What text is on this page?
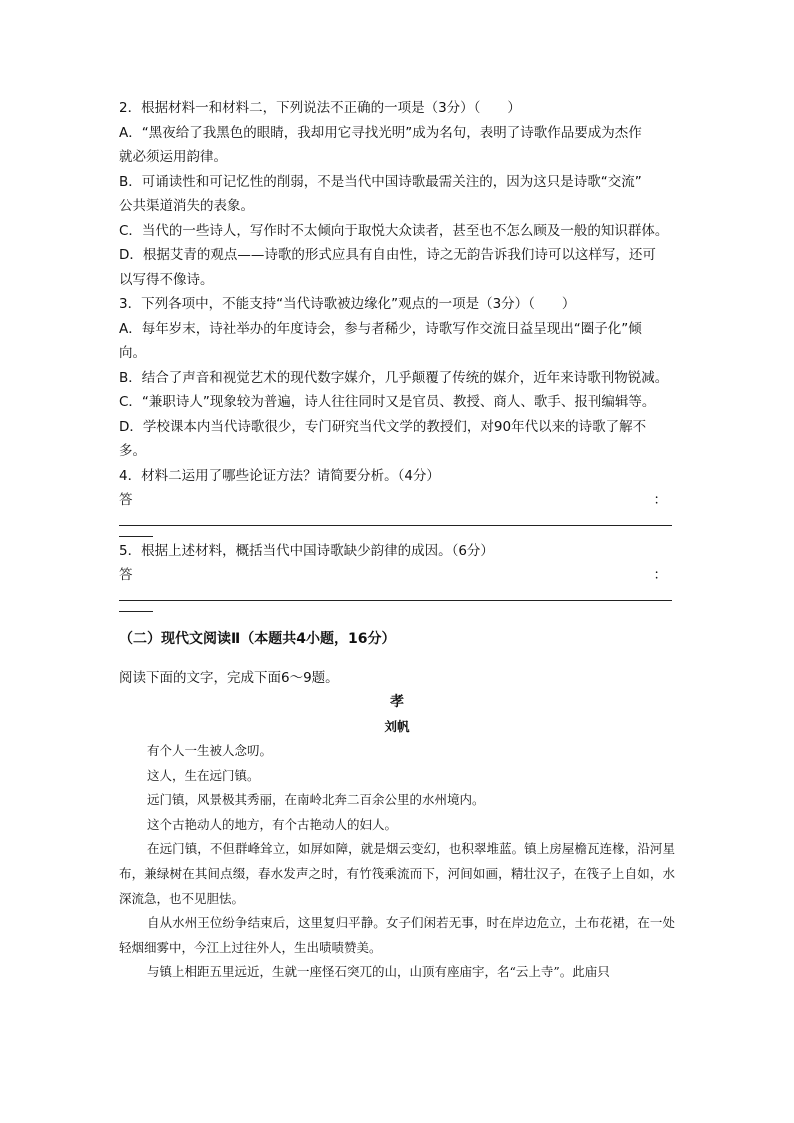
2．根据材料一和材料二，下列说法不正确的一项是（3分）（　　）

A．“黑夜给了我黑色的眼睛，我却用它寻找光明”成为名句，表明了诗歌作品要成为杰作

就必须运用韵律。

B．可诵读性和可记忆性的削弱，不是当代中国诗歌最需关注的，因为这只是诗歌“交流”

公共渠道消失的表象。

C．当代的一些诗人，写作时不太倾向于取悦大众读者，甚至也不怎么顾及一般的知识群体。

D．根据艾青的观点——诗歌的形式应具有自由性，诗之无韵告诉我们诗可以这样写，还可

以写得不像诗。

3．下列各项中，不能支持“当代诗歌被边缘化”观点的一项是（3分）（　　）

A．每年岁末，诗社举办的年度诗会，参与者稀少，诗歌写作交流日益呈现出“圈子化”倾

向。

B．结合了声音和视觉艺术的现代数字媒介，几乎颠覆了传统的媒介，近年来诗歌刊物锐减。

C．“兼职诗人”现象较为普遍，诗人往往同时又是官员、教授、商人、歌手、报刊编辑等。

D．学校课本内当代诗歌很少，专门研究当代文学的教授们，对90年代以来的诗歌了解不

多。

4．材料二运用了哪些论证方法？请简要分析。（4分）

答	：

5．根据上述材料，概括当代中国诗歌缺少韵律的成因。（6分）

答	：

（二）现代文阅读Ⅱ（本题共4小题，16分）

阅读下面的文字，完成下面6～9题。

孝

刘帆

有个人一生被人念叨。

这人，生在远门镇。

远门镇，风景极其秀丽，在南岭北奔二百余公里的水州境内。

这个古艳动人的地方，有个古艳动人的妇人。

在远门镇，不但群峰耸立，如屏如障，就是烟云变幻，也积翠堆蓝。镇上房屋檐瓦连椽，沿河星布，兼绿树在其间点缀，春水发声之时，有竹筏乘流而下，河间如画，精壮汉子，在筏子上自如，水深流急，也不见胆怯。

自从水州王位纷争结束后，这里复归平静。女子们闲若无事，时在岸边危立，土布花裙，在一处轻烟细雾中，今江上过往外人，生出啧啧赞美。

与镇上相距五里远近，生就一座怪石突兀的山，山顶有座庙宇，名“云上寺”。此庙只
